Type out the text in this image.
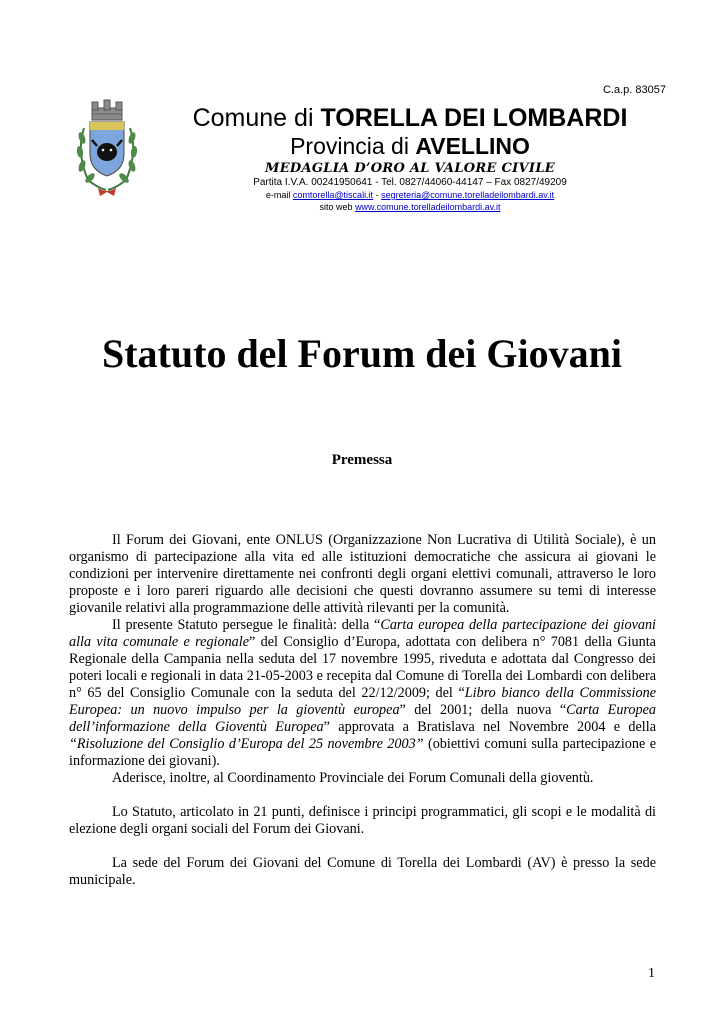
C.a.p. 83057
Comune di TORELLA DEI LOMBARDI
Provincia di AVELLINO
MEDAGLIA D’ORO AL VALORE CIVILE
Partita I.V.A. 00241950641 - Tel. 0827/44060-44147 – Fax 0827/49209
e-mail comtorella@tiscali.it - segreteria@comune.torelladeilombardi.av.it
sito web www.comune.torelladeilombardi.av.it
Statuto del Forum dei Giovani
Premessa

Il Forum dei Giovani, ente ONLUS (Organizzazione Non Lucrativa di Utilità Sociale), è un organismo di partecipazione alla vita ed alle istituzioni democratiche che assicura ai giovani le condizioni per intervenire direttamente nei confronti degli organi elettivi comunali, attraverso le loro proposte e i loro pareri riguardo alle decisioni che questi dovranno assumere su temi di interesse giovanile relativi alla programmazione delle attività rilevanti per la comunità.

Il presente Statuto persegue le finalità: della “Carta europea della partecipazione dei giovani alla vita comunale e regionale” del Consiglio d’Europa, adottata con delibera n° 7081 della Giunta Regionale della Campania nella seduta del 17 novembre 1995, riveduta e adottata dal Congresso dei poteri locali e regionali in data 21-05-2003 e recepita dal Comune di Torella dei Lombardi con delibera n° 65 del Consiglio Comunale con la seduta del 22/12/2009; del “Libro bianco della Commissione Europea: un nuovo impulso per la gioventù europea” del 2001; della nuova “Carta Europea dell’informazione della Gioventù Europea” approvata a Bratislava nel Novembre 2004 e della “Risoluzione del Consiglio d’Europa del 25 novembre 2003” (obiettivi comuni sulla partecipazione e informazione dei giovani).

Aderisce, inoltre, al Coordinamento Provinciale dei Forum Comunali della gioventù.

Lo Statuto, articolato in 21 punti, definisce i principi programmatici, gli scopi e le modalità di elezione degli organi sociali del Forum dei Giovani.

La sede del Forum dei Giovani del Comune di Torella dei Lombardi (AV) è presso la sede municipale.

1
